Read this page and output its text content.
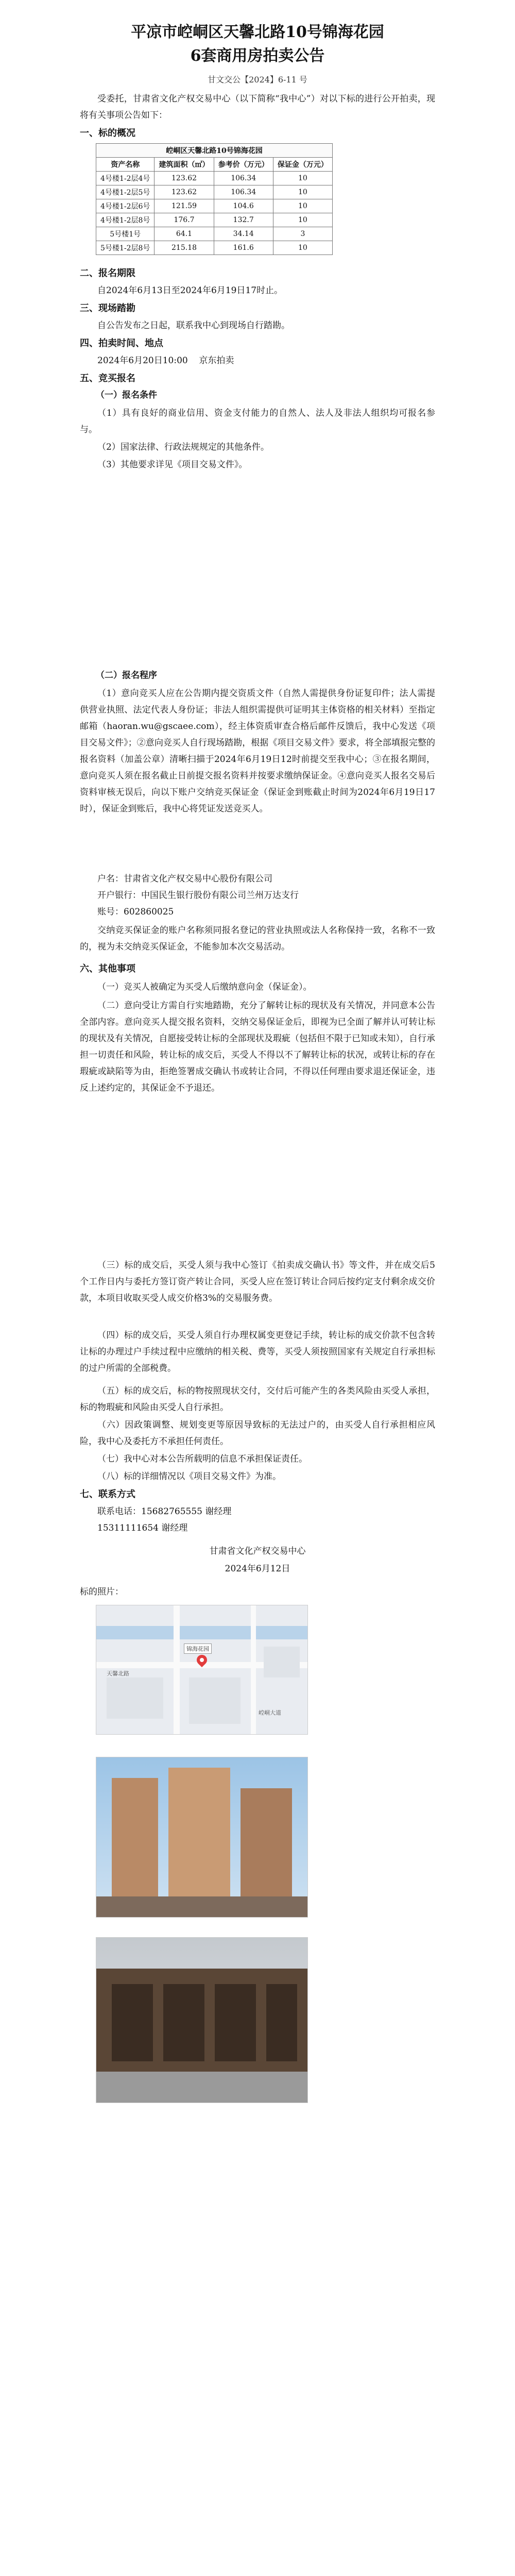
平凉市崆峒区天馨北路10号锦海花园
6套商用房拍卖公告

甘文交公【2024】6-11 号

受委托，甘肃省文化产权交易中心（以下简称“我中心”）对以下标的进行公开拍卖，现将有关事项公告如下：

一、标的概况

崆峒区天馨北路10号锦海花园			
资产名称	建筑面积（㎡）	参考价（万元）	保证金（万元）
4号楼1-2层4号	123.62	106.34	10
4号楼1-2层5号	123.62	106.34	10
4号楼1-2层6号	121.59	104.6	10
4号楼1-2层8号	176.7	132.7	10
5号楼1号	64.1	34.14	3
5号楼1-2层8号	215.18	161.6	10

二、报名期限

自2024年6月13日至2024年6月19日17时止。

三、现场踏勘

自公告发布之日起，联系我中心到现场自行踏勘。

四、拍卖时间、地点

2024年6月20日10:00 京东拍卖

五、竞买报名

（一）报名条件

（1）具有良好的商业信用、资金支付能力的自然人、法人及非法人组织均可报名参与。

（2）国家法律、行政法规规定的其他条件。

（3）其他要求详见《项目交易文件》。

（二）报名程序

（1）意向竞买人应在公告期内提交资质文件（自然人需提供身份证复印件；法人需提供营业执照、法定代表人身份证；非法人组织需提供可证明其主体资格的相关材料）至指定邮箱（haoran.wu@gscaee.com），经主体资质审查合格后邮件反馈后，我中心发送《项目交易文件》；②意向竞买人自行现场踏勘，根据《项目交易文件》要求，将全部填报完整的报名资料（加盖公章）清晰扫描于2024年6月19日12时前提交至我中心；③在报名期间，意向竞买人须在报名截止日前提交报名资料并按要求缴纳保证金。④意向竞买人报名交易后资料审核无误后，向以下账户交纳竞买保证金（保证金到账截止时间为2024年6月19日17时），保证金到账后，我中心将凭证发送竞买人。

户名：甘肃省文化产权交易中心股份有限公司

开户银行：中国民生银行股份有限公司兰州万达支行

账号：602860025

交纳竞买保证金的账户名称须同报名登记的营业执照或法人名称保持一致，名称不一致的，视为未交纳竞买保证金，不能参加本次交易活动。

六、其他事项

（一）竞买人被确定为买受人后缴纳意向金（保证金）。

（二）意向受让方需自行实地踏勘，充分了解转让标的现状及有关情况，并同意本公告全部内容。意向竞买人提交报名资料，交纳交易保证金后，即视为已全面了解并认可转让标的现状及有关情况，自愿接受转让标的全部现状及瑕疵（包括但不限于已知或未知），自行承担一切责任和风险，转让标的成交后，买受人不得以不了解转让标的状况，或转让标的存在瑕疵或缺陷等为由，拒绝签署成交确认书或转让合同，不得以任何理由要求退还保证金，违反上述约定的，其保证金不予退还。

（三）标的成交后，买受人须与我中心签订《拍卖成交确认书》等文件，并在成交后5个工作日内与委托方签订资产转让合同，买受人应在签订转让合同后按约定支付剩余成交价款，本项目收取买受人成交价格3%的交易服务费。

（四）标的成交后，买受人须自行办理权属变更登记手续，转让标的成交价款不包含转让标的办理过户手续过程中应缴纳的相关税、费等，买受人须按照国家有关规定自行承担标的过户所需的全部税费。

（五）标的成交后，标的物按照现状交付，交付后可能产生的各类风险由买受人承担，标的物瑕疵和风险由买受人自行承担。

（六）因政策调整、规划变更等原因导致标的无法过户的，由买受人自行承担相应风险，我中心及委托方不承担任何责任。

（七）我中心对本公告所载明的信息不承担保证责任。

（八）标的详细情况以《项目交易文件》为准。

七、联系方式

联系电话：15682765555 谢经理

15311111654 谢经理

甘肃省文化产权交易中心

2024年6月12日

标的照片：
锦海花园
天馨北路
崆峒大道
